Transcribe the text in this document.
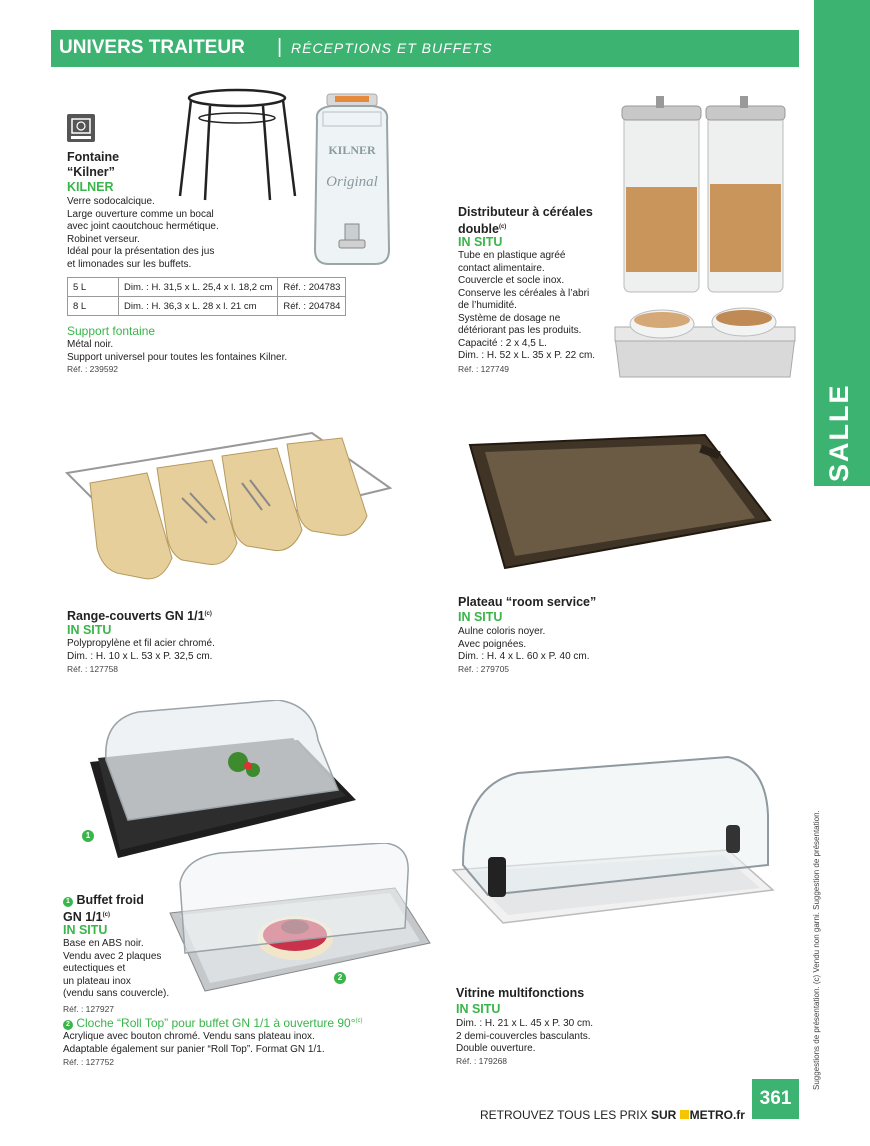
UNIVERS TRAITEUR | RÉCEPTIONS ET BUFFETS
SALLE
KILNER
Original
Fontaine
“Kilner”
KILNER
Verre sodocalcique.
Large ouverture comme un bocal
avec joint caoutchouc hermétique.
Robinet verseur.
Idéal pour la présentation des jus
et limonades sur les buffets.
5 L	Dim. : H. 31,5 x L. 25,4 x l. 18,2 cm	Réf. : 204783
8 L	Dim. : H. 36,3 x L. 28 x l. 21 cm	Réf. : 204784
Support fontaine
Métal noir.
Support universel pour toutes les fontaines Kilner.
Réf. : 239592
Distributeur à céréales
double$^{(c)}$
IN SITU
Tube en plastique agréé
contact alimentaire.
Couvercle et socle inox.
Conserve les céréales à l’abri
de l’humidité.
Système de dosage ne
détériorant pas les produits.
Capacité : 2 x 4,5 L.
Dim. : H. 52 x L. 35 x P. 22 cm.
Réf. : 127749
Range-couverts GN 1/1$^{(c)}$
IN SITU
Polypropylène et fil acier chromé.
Dim. : H. 10 x L. 53 x P. 32,5 cm.
Réf. : 127758
Plateau “room service”
IN SITU
Aulne coloris noyer.
Avec poignées.
Dim. : H. 4 x L. 60 x P. 40 cm.
Réf. : 279705
1
2
1 Buffet froid
GN 1/1$^{(c)}$
IN SITU
Base en ABS noir.
Vendu avec 2 plaques
eutectiques et
un plateau inox
(vendu sans couvercle).
Réf. : 127927
2 Cloche “Roll Top” pour buffet GN 1/1 à ouverture 90°$^{(c)}$
Acrylique avec bouton chromé. Vendu sans plateau inox.
Adaptable également sur panier “Roll Top”. Format GN 1/1.
Réf. : 127752
Vitrine multifonctions
IN SITU
Dim. : H. 21 x L. 45 x P. 30 cm.
2 demi-couvercles basculants.
Double ouverture.
Réf. : 179268	Suggestions de présentation. (c) Vendu non garni. Suggestion de présentation.
361
RETROUVEZ TOUS LES PRIX SUR METRO.fr
